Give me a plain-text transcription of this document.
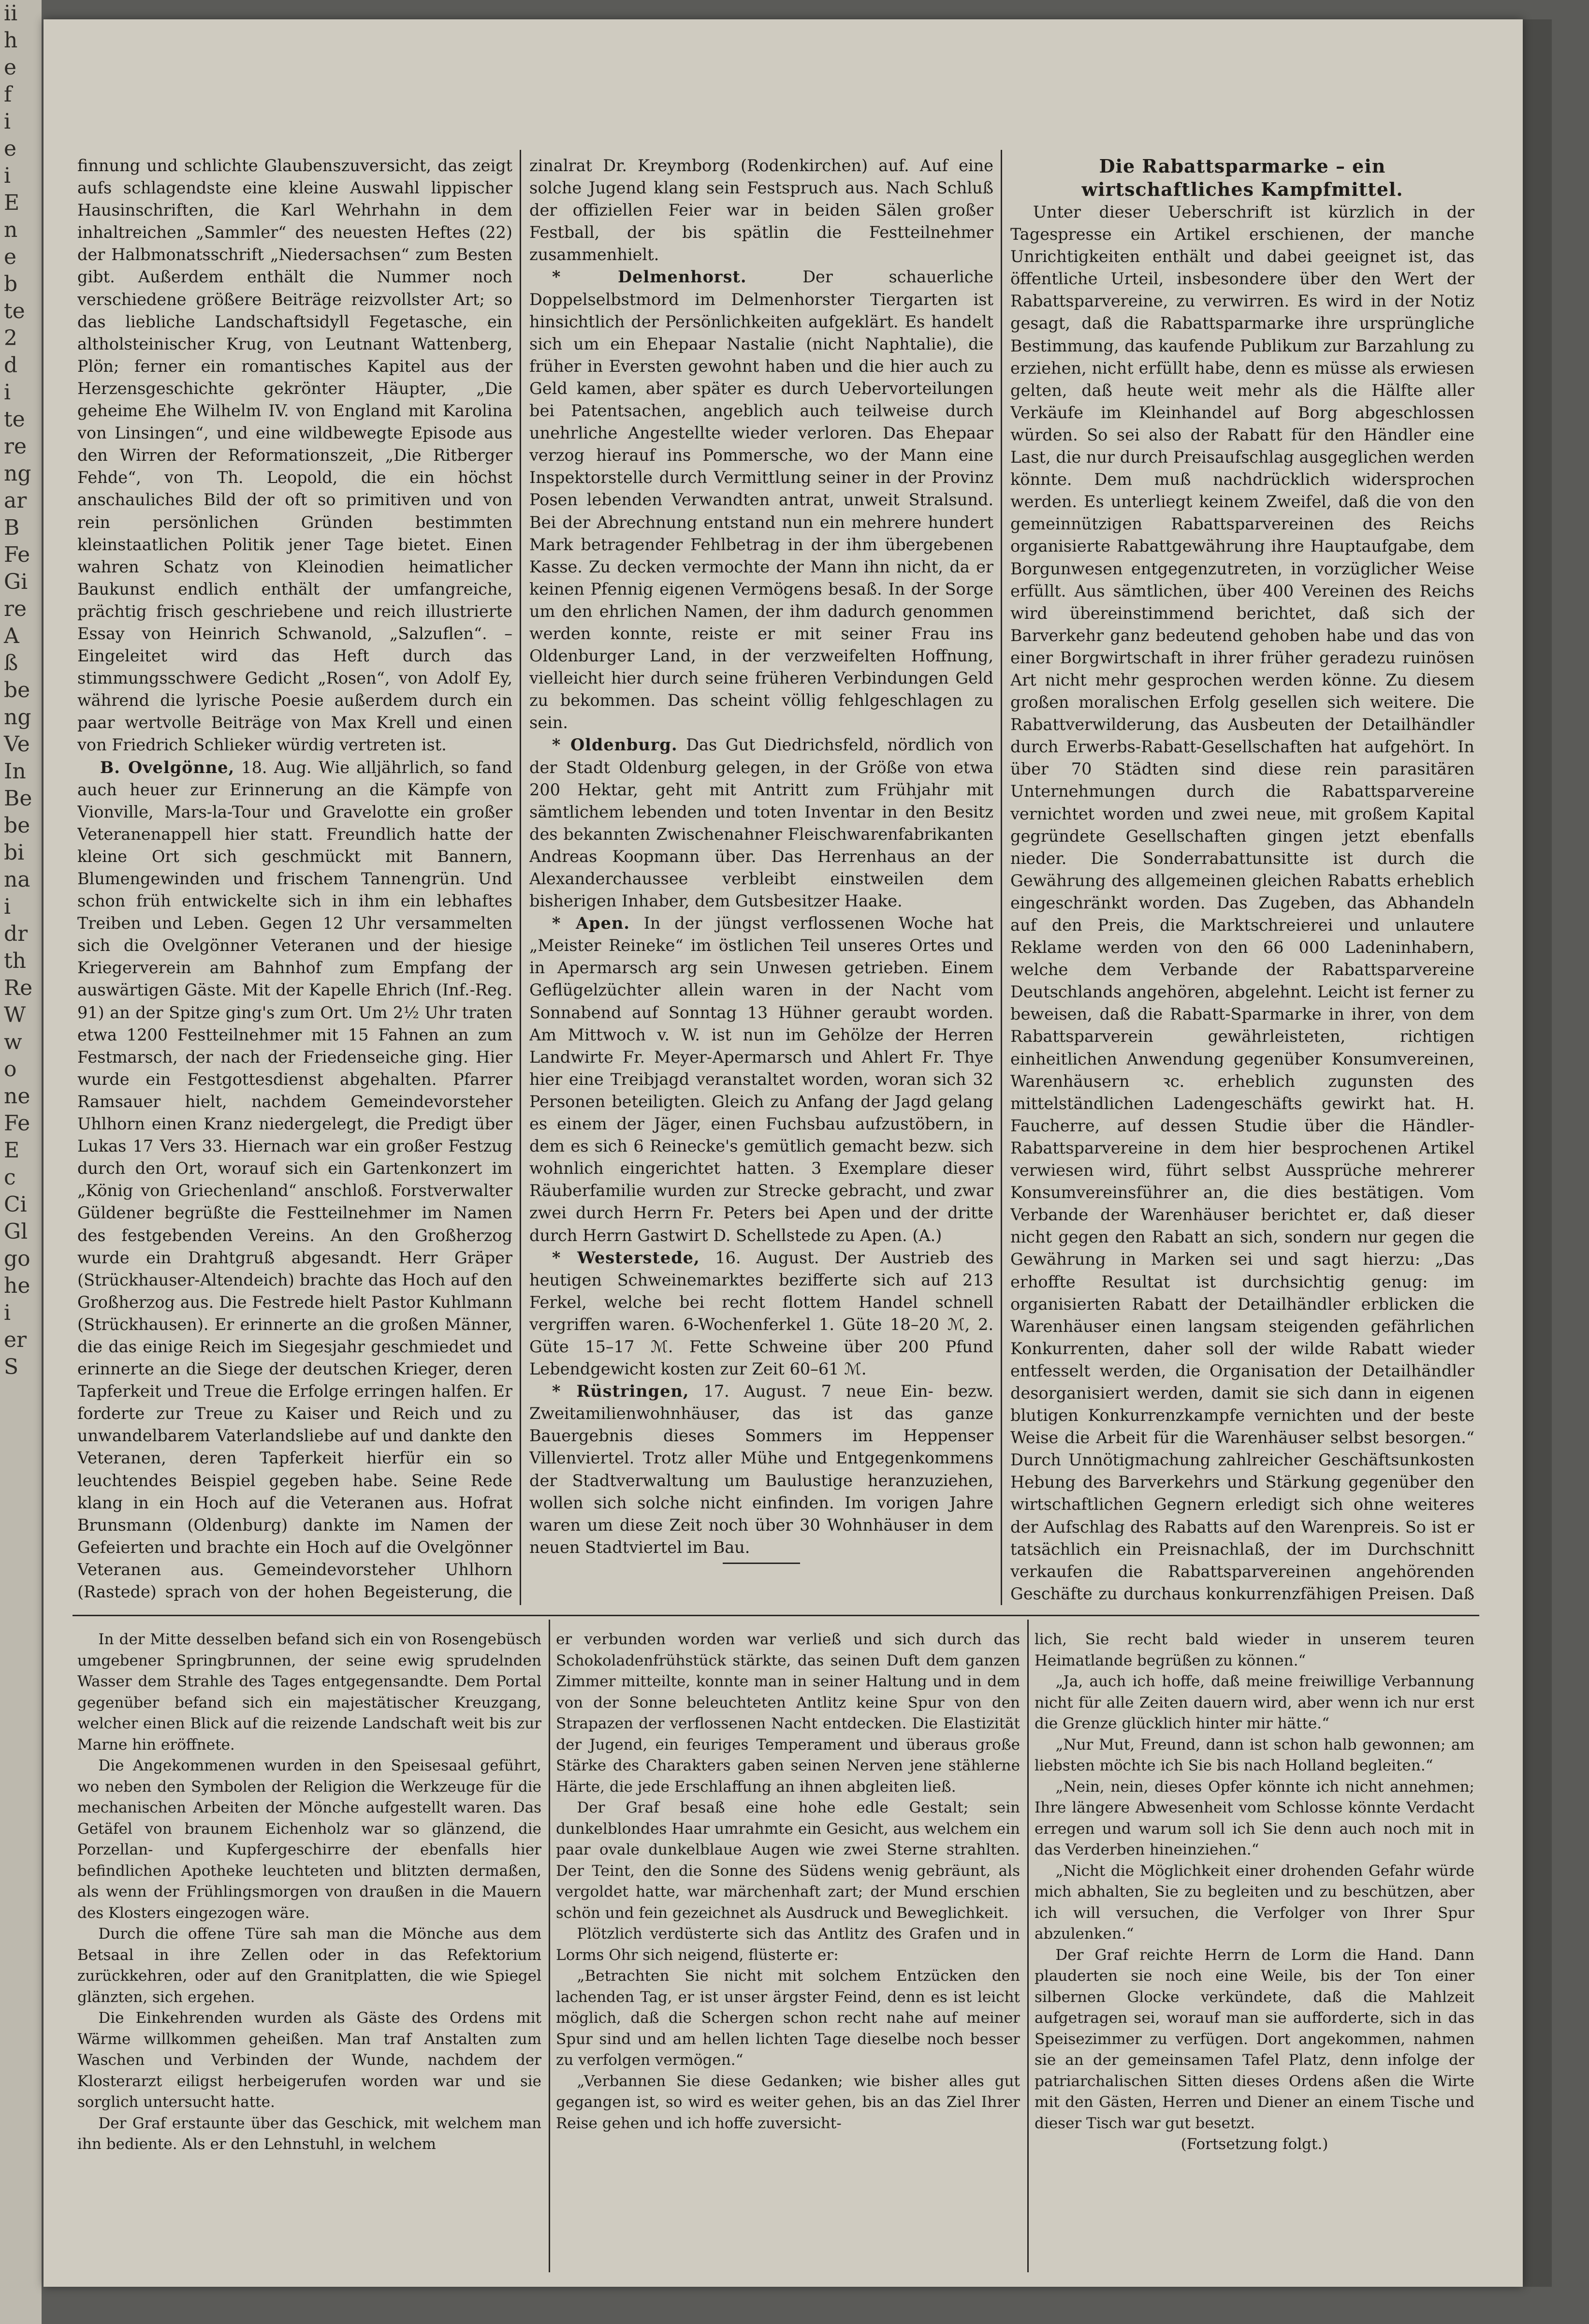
ii
h
e
f
i
e
i
E
n
e
b
te
2
d
i
te
re
ng
ar
B
Fe
Gi
re
A
ß
be
ng
Ve
In
Be
be
bi
na
i
dr
th
Re
W
w
o
ne
Fe
E
c
Ci
Gl
go
he
i
er
S

finnung und schlichte Glaubenszuversicht, das zeigt aufs schlagendste eine kleine Auswahl lippischer Hausinschriften, die Karl Wehrhahn in dem inhaltreichen „Sammler“ des neuesten Heftes (22) der Halbmonatsschrift „Niedersachsen“ zum Besten gibt. Außerdem enthält die Nummer noch verschiedene größere Beiträge reizvollster Art; so das liebliche Landschaftsidyll Fegetasche, ein altholsteinischer Krug, von Leutnant Wattenberg, Plön; ferner ein romantisches Kapitel aus der Herzensgeschichte gekrönter Häupter, „Die geheime Ehe Wilhelm IV. von England mit Karolina von Linsingen“, und eine wildbewegte Episode aus den Wirren der Reformationszeit, „Die Ritberger Fehde“, von Th. Leopold, die ein höchst anschauliches Bild der oft so primitiven und von rein persönlichen Gründen bestimmten kleinstaatlichen Politik jener Tage bietet. Einen wahren Schatz von Kleinodien heimatlicher Baukunst endlich enthält der umfangreiche, prächtig frisch geschriebene und reich illustrierte Essay von Heinrich Schwanold, „Salzuflen“. – Eingeleitet wird das Heft durch das stimmungsschwere Gedicht „Rosen“, von Adolf Ey, während die lyrische Poesie außerdem durch ein paar wertvolle Beiträge von Max Krell und einen von Friedrich Schlieker würdig vertreten ist.

B. Ovelgönne, 18. Aug. Wie alljährlich, so fand auch heuer zur Erinnerung an die Kämpfe von Vionville, Mars-la-Tour und Gravelotte ein großer Veteranenappell hier statt. Freundlich hatte der kleine Ort sich geschmückt mit Bannern, Blumengewinden und frischem Tannengrün. Und schon früh entwickelte sich in ihm ein lebhaftes Treiben und Leben. Gegen 12 Uhr versammelten sich die Ovelgönner Veteranen und der hiesige Kriegerverein am Bahnhof zum Empfang der auswärtigen Gäste. Mit der Kapelle Ehrich (Inf.-Reg. 91) an der Spitze ging's zum Ort. Um 2½ Uhr traten etwa 1200 Festteilnehmer mit 15 Fahnen an zum Festmarsch, der nach der Friedenseiche ging. Hier wurde ein Festgottesdienst abgehalten. Pfarrer Ramsauer hielt, nachdem Gemeindevorsteher Uhlhorn einen Kranz niedergelegt, die Predigt über Lukas 17 Vers 33. Hiernach war ein großer Festzug durch den Ort, worauf sich ein Gartenkonzert im „König von Griechenland“ anschloß. Forstverwalter Güldener begrüßte die Festteilnehmer im Namen des festgebenden Vereins. An den Großherzog wurde ein Drahtgruß abgesandt. Herr Gräper (Strückhauser-Altendeich) brachte das Hoch auf den Großherzog aus. Die Festrede hielt Pastor Kuhlmann (Strückhausen). Er erinnerte an die großen Männer, die das einige Reich im Siegesjahr geschmiedet und erinnerte an die Siege der deutschen Krieger, deren Tapferkeit und Treue die Erfolge erringen halfen. Er forderte zur Treue zu Kaiser und Reich und zu unwandelbarem Vaterlandsliebe auf und dankte den Veteranen, deren Tapferkeit hierfür ein so leuchtendes Beispiel gegeben habe. Seine Rede klang in ein Hoch auf die Veteranen aus. Hofrat Brunsmann (Oldenburg) dankte im Namen der Gefeierten und brachte ein Hoch auf die Ovelgönner Veteranen aus. Gemeindevorsteher Uhlhorn (Rastede) sprach von der hohen Begeisterung, die

zinalrat Dr. Kreymborg (Rodenkirchen) auf. Auf eine solche Jugend klang sein Festspruch aus. Nach Schluß der offiziellen Feier war in beiden Sälen großer Festball, der bis spätlin die Festteilnehmer zusammenhielt.

* Delmenhorst.	Der schauerliche Doppelselbstmord im Delmenhorster Tiergarten ist hinsichtlich der Persönlichkeiten aufgeklärt. Es handelt sich um ein Ehepaar Nastalie (nicht Naphtalie), die früher in Eversten gewohnt haben und die hier auch zu Geld kamen, aber später es durch Uebervorteilungen bei Patentsachen, angeblich auch teilweise durch unehrliche Angestellte wieder verloren. Das Ehepaar verzog hierauf ins Pommersche, wo der Mann eine Inspektorstelle durch Vermittlung seiner in der Provinz Posen lebenden Verwandten antrat, unweit Stralsund. Bei der Abrechnung entstand nun ein mehrere hundert Mark betragender Fehlbetrag in der ihm übergebenen Kasse. Zu decken vermochte der Mann ihn nicht, da er keinen Pfennig eigenen Vermögens besaß. In der Sorge um den ehrlichen Namen, der ihm dadurch genommen werden konnte, reiste er mit seiner Frau ins Oldenburger Land, in der verzweifelten Hoffnung, vielleicht hier durch seine früheren Verbindungen Geld zu bekommen. Das scheint völlig fehlgeschlagen zu sein.

* Oldenburg. Das Gut Diedrichsfeld, nördlich von der Stadt Oldenburg gelegen, in der Größe von etwa 200 Hektar, geht mit Antritt zum Frühjahr mit sämtlichem lebenden und toten Inventar in den Besitz des bekannten Zwischenahner Fleischwarenfabrikanten Andreas Koopmann über. Das Herrenhaus an der Alexanderchaussee verbleibt einstweilen dem bisherigen Inhaber, dem Gutsbesitzer Haake.

* Apen. In der jüngst verflossenen Woche hat „Meister Reineke“ im östlichen Teil unseres Ortes und in Apermarsch arg sein Unwesen getrieben. Einem Geflügelzüchter allein waren in der Nacht vom Sonnabend auf Sonntag 13 Hühner geraubt worden. Am Mittwoch v. W. ist nun im Gehölze der Herren Landwirte Fr. Meyer-Apermarsch und Ahlert Fr. Thye hier eine Treibjagd veranstaltet worden, woran sich 32 Personen beteiligten. Gleich zu Anfang der Jagd gelang es einem der Jäger, einen Fuchsbau aufzustöbern, in dem es sich 6 Reinecke's gemütlich gemacht bezw. sich wohnlich eingerichtet hatten. 3 Exemplare dieser Räuberfamilie wurden zur Strecke gebracht, und zwar zwei durch Herrn Fr. Peters bei Apen und der dritte durch Herrn Gastwirt D. Schellstede zu Apen. (A.)

* Westerstede, 16. August. Der Austrieb des heutigen Schweinemarktes bezifferte sich auf 213 Ferkel, welche bei recht flottem Handel schnell vergriffen waren. 6-Wochenferkel 1. Güte 18–20 ℳ, 2. Güte 15–17 ℳ. Fette Schweine über 200 Pfund Lebendgewicht kosten zur Zeit 60–61 ℳ.

* Rüstringen, 17. August. 7 neue Ein- bezw. Zweitamilienwohnhäuser, das ist das ganze Bauergebnis dieses Sommers im Heppenser Villenviertel. Trotz aller Mühe und Entgegenkommens der Stadtverwaltung um Baulustige heranzuziehen, wollen sich solche nicht einfinden. Im vorigen Jahre waren um diese Zeit noch über 30 Wohnhäuser in dem neuen Stadtviertel im Bau.

Die Rabattsparmarke – ein wirtschaftliches Kampfmittel.

Unter dieser Ueberschrift ist kürzlich in der Tagespresse ein Artikel erschienen, der manche Unrichtigkeiten enthält und dabei geeignet ist, das öffentliche Urteil, insbesondere über den Wert der Rabattsparvereine, zu verwirren. Es wird in der Notiz gesagt, daß die Rabattsparmarke ihre ursprüngliche Bestimmung, das kaufende Publikum zur Barzahlung zu erziehen, nicht erfüllt habe, denn es müsse als erwiesen gelten, daß heute weit mehr als die Hälfte aller Verkäufe im Kleinhandel auf Borg abgeschlossen würden. So sei also der Rabatt für den Händler eine Last, die nur durch Preisaufschlag ausgeglichen werden könnte. Dem muß nachdrücklich widersprochen werden. Es unterliegt keinem Zweifel, daß die von den gemeinnützigen Rabattsparvereinen des Reichs organisierte Rabattgewährung ihre Hauptaufgabe, dem Borgunwesen entgegenzutreten, in vorzüglicher Weise erfüllt. Aus sämtlichen, über 400 Vereinen des Reichs wird übereinstimmend berichtet, daß sich der Barverkehr ganz bedeutend gehoben habe und das von einer Borgwirtschaft in ihrer früher geradezu ruinösen Art nicht mehr gesprochen werden könne. Zu diesem großen moralischen Erfolg gesellen sich weitere. Die Rabattverwilderung, das Ausbeuten der Detailhändler durch Erwerbs-Rabatt-Gesellschaften hat aufgehört. In über 70 Städten sind diese rein parasitären Unternehmungen durch die Rabattsparvereine vernichtet worden und zwei neue, mit großem Kapital gegründete Gesellschaften gingen jetzt ebenfalls nieder. Die Sonderrabattunsitte ist durch die Gewährung des allgemeinen gleichen Rabatts erheblich eingeschränkt worden. Das Zugeben, das Abhandeln auf den Preis, die Marktschreierei und unlautere Reklame werden von den 66 000 Ladeninhabern, welche dem Verbande der Rabattsparvereine Deutschlands angehören, abgelehnt. Leicht ist ferner zu beweisen, daß die Rabatt-Sparmarke in ihrer, von dem Rabattsparverein gewährleisteten, richtigen einheitlichen Anwendung gegenüber Konsumvereinen, Warenhäusern ꝛc. erheblich zugunsten des mittelständlichen Ladengeschäfts gewirkt hat. H. Faucherre, auf dessen Studie über die Händler-Rabattsparvereine in dem hier besprochenen Artikel verwiesen wird, führt selbst Aussprüche mehrerer Konsumvereinsführer an, die dies bestätigen. Vom Verbande der Warenhäuser berichtet er, daß dieser nicht gegen den Rabatt an sich, sondern nur gegen die Gewährung in Marken sei und sagt hierzu: „Das erhoffte Resultat ist durchsichtig genug: im organisierten Rabatt der Detailhändler erblicken die Warenhäuser einen langsam steigenden gefährlichen Konkurrenten, daher soll der wilde Rabatt wieder entfesselt werden, die Organisation der Detailhändler desorganisiert werden, damit sie sich dann in eigenen blutigen Konkurrenzkampfe vernichten und der beste Weise die Arbeit für die Warenhäuser selbst besorgen.“ Durch Unnötigmachung zahlreicher Geschäftsunkosten Hebung des Barverkehrs und Stärkung gegenüber den wirtschaftlichen Gegnern erledigt sich ohne weiteres der Aufschlag des Rabatts auf den Warenpreis. So ist er tatsächlich ein Preisnachlaß, der im Durchschnitt verkaufen die Rabattsparvereinen angehörenden Geschäfte zu durchaus konkurrenzfähigen Preisen. Daß

In der Mitte desselben befand sich ein von Rosengebüsch umgebener Springbrunnen, der seine ewig sprudelnden Wasser dem Strahle des Tages entgegensandte. Dem Portal gegenüber befand sich ein majestätischer Kreuzgang, welcher einen Blick auf die reizende Landschaft weit bis zur Marne hin eröffnete.

Die Angekommenen wurden in den Speisesaal geführt, wo neben den Symbolen der Religion die Werkzeuge für die mechanischen Arbeiten der Mönche aufgestellt waren. Das Getäfel von braunem Eichenholz war so glänzend, die Porzellan- und Kupfergeschirre der ebenfalls hier befindlichen Apotheke leuchteten und blitzten dermaßen, als wenn der Frühlingsmorgen von draußen in die Mauern des Klosters eingezogen wäre.

Durch die offene Türe sah man die Mönche aus dem Betsaal in ihre Zellen oder in das Refektorium zurückkehren, oder auf den Granitplatten, die wie Spiegel glänzten, sich ergehen.

Die Einkehrenden wurden als Gäste des Ordens mit Wärme willkommen geheißen. Man traf Anstalten zum Waschen und Verbinden der Wunde, nachdem der Klosterarzt eiligst herbeigerufen worden war und sie sorglich untersucht hatte.

Der Graf erstaunte über das Geschick, mit welchem man ihn bediente. Als er den Lehnstuhl, in welchem

er verbunden worden war verließ und sich durch das Schokoladenfrühstück stärkte, das seinen Duft dem ganzen Zimmer mitteilte, konnte man in seiner Haltung und in dem von der Sonne beleuchteten Antlitz keine Spur von den Strapazen der verflossenen Nacht entdecken. Die Elastizität der Jugend, ein feuriges Temperament und überaus große Stärke des Charakters gaben seinen Nerven jene stählerne Härte, die jede Erschlaffung an ihnen abgleiten ließ.

Der Graf besaß eine hohe edle Gestalt; sein dunkelblondes Haar umrahmte ein Gesicht, aus welchem ein paar ovale dunkelblaue Augen wie zwei Sterne strahlten. Der Teint, den die Sonne des Südens wenig gebräunt, als vergoldet hatte, war märchenhaft zart; der Mund erschien schön und fein gezeichnet als Ausdruck und Beweglichkeit.

Plötzlich verdüsterte sich das Antlitz des Grafen und in Lorms Ohr sich neigend, flüsterte er:

„Betrachten Sie nicht mit solchem Entzücken den lachenden Tag, er ist unser ärgster Feind, denn es ist leicht möglich, daß die Schergen schon recht nahe auf meiner Spur sind und am hellen lichten Tage dieselbe noch besser zu verfolgen vermögen.“

„Verbannen Sie diese Gedanken; wie bisher alles gut gegangen ist, so wird es weiter gehen, bis an das Ziel Ihrer Reise gehen und ich hoffe zuversicht-

lich, Sie recht bald wieder in unserem teuren Heimatlande begrüßen zu können.“

„Ja, auch ich hoffe, daß meine freiwillige Verbannung nicht für alle Zeiten dauern wird, aber wenn ich nur erst die Grenze glücklich hinter mir hätte.“

„Nur Mut, Freund, dann ist schon halb gewonnen; am liebsten möchte ich Sie bis nach Holland begleiten.“

„Nein, nein, dieses Opfer könnte ich nicht annehmen; Ihre längere Abwesenheit vom Schlosse könnte Verdacht erregen und warum soll ich Sie denn auch noch mit in das Verderben hineinziehen.“

„Nicht die Möglichkeit einer drohenden Gefahr würde mich abhalten, Sie zu begleiten und zu beschützen, aber ich will versuchen, die Verfolger von Ihrer Spur abzulenken.“

Der Graf reichte Herrn de Lorm die Hand. Dann plauderten sie noch eine Weile, bis der Ton einer silbernen Glocke verkündete, daß die Mahlzeit aufgetragen sei, worauf man sie aufforderte, sich in das Speisezimmer zu verfügen. Dort angekommen, nahmen sie an der gemeinsamen Tafel Platz, denn infolge der patriarchalischen Sitten dieses Ordens aßen die Wirte mit den Gästen, Herren und Diener an einem Tische und dieser Tisch war gut besetzt.

(Fortsetzung folgt.)
